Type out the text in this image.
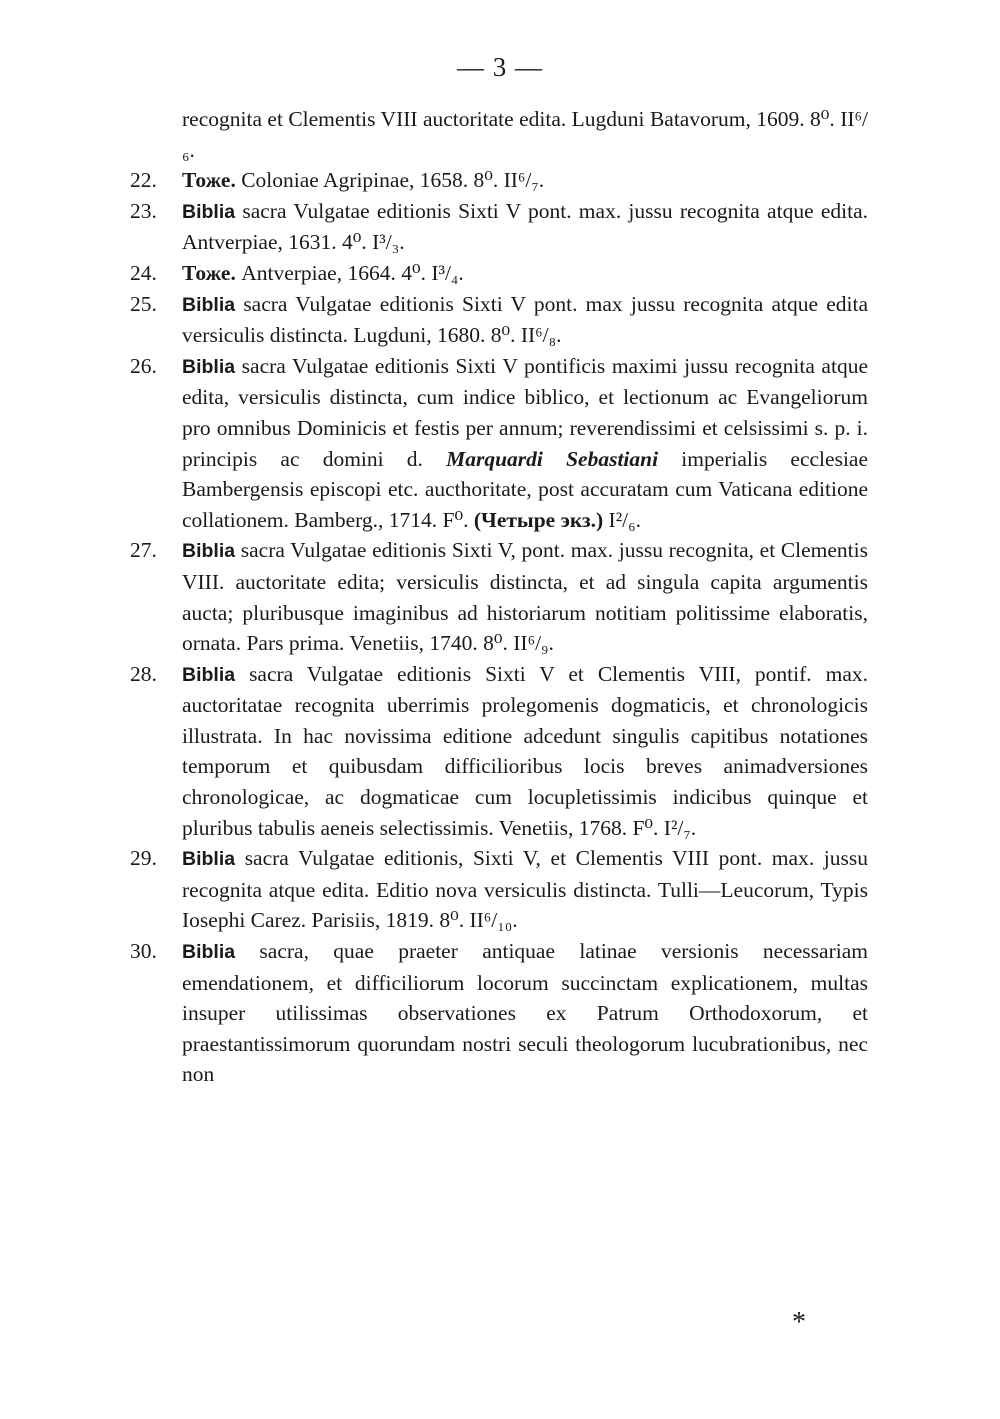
— 3 —
recognita et Clementis VIII auctoritate edita. Lugduni Batavorum, 1609. 8⁰. II⁶/₆.
22. Тоже. Coloniae Agripinae, 1658. 8⁰. II⁶/₇.
23. Biblia sacra Vulgatae editionis Sixti V pont. max. jussu recognita atque edita. Antverpiae, 1631. 4⁰. I³/₃.
24. Тоже. Antverpiae, 1664. 4⁰. I³/₄.
25. Biblia sacra Vulgatae editionis Sixti V pont. max jussu recognita atque edita versiculis distincta. Lugduni, 1680. 8⁰. II⁶/₈.
26. Biblia sacra Vulgatae editionis Sixti V pontificis maximi jussu recognita atque edita, versiculis distincta, cum indice biblico, et lectionum ac Evangeliorum pro omnibus Dominicis et festis per annum; reverendissimi et celsissimi s. p. i. principis ac domini d. Marquardi Sebastiani imperialis ecclesiae Bambergensis episcopi etc. aucthoritate, post accuratam cum Vaticana editione collationem. Bamberg., 1714. F⁰. (Четыре экз.) I²/₆.
27. Biblia sacra Vulgatae editionis Sixti V, pont. max. jussu recognita, et Clementis VIII. auctoritate edita; versiculis distincta, et ad singula capita argumentis aucta; pluribusque imaginibus ad historiarum notitiam politissime elaboratis, ornata. Pars prima. Venetiis, 1740. 8⁰. II⁶/₉.
28. Biblia sacra Vulgatae editionis Sixti V et Clementis VIII, pontif. max. auctoritatae recognita uberrimis prolegomenis dogmaticis, et chronologicis illustrata. In hac novissima editione adcedunt singulis capitibus notationes temporum et quibusdam difficilioribus locis breves animadversiones chronologicae, ac dogmaticae cum locupletissimis indicibus quinque et pluribus tabulis aeneis selectissimis. Venetiis, 1768. F⁰. I²/₇.
29. Biblia sacra Vulgatae editionis, Sixti V, et Clementis VIII pont. max. jussu recognita atque edita. Editio nova versiculis distincta. Tulli—Leucorum, Typis Iosephi Carez. Parisiis, 1819. 8⁰. II⁶/₁₀.
30. Biblia sacra, quae praeter antiquae latinae versionis necessariam emendationem, et difficiliorum locorum succinctam explicationem, multas insuper utilissimas observationes ex Patrum Orthodoxorum, et praestantissimorum quorundam nostri seculi theologorum lucubrationibus, nec non
*
